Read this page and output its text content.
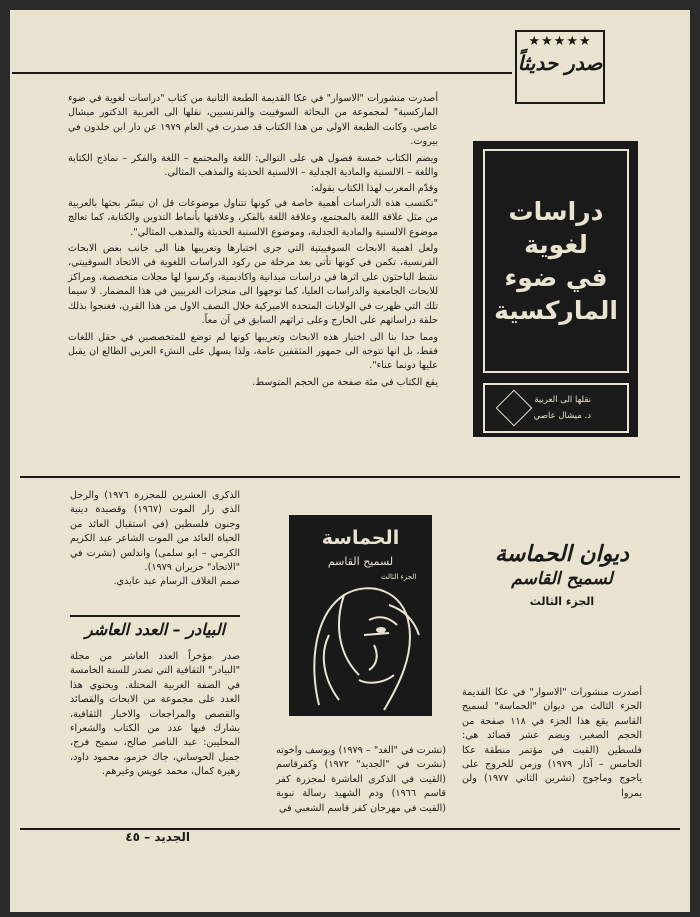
★★★★★
صدر حديثاً

أصدرت منشورات "الاسوار" في عكا القديمة الطبعة الثانية من كتاب "دراسات لغوية في ضوء الماركسية" لمجموعة من البحاثة السوفييت والفرنسيين، نقلها الى العربية الدكتور ميشال عاصي. وكانت الطبعة الاولى من هذا الكتاب قد صدرت في العام ١٩٧٩ عن دار ابن خلدون في بيروت.

ويضم الكتاب خمسة فصول هي على التوالي: اللغة والمجتمع – اللغة والفكر – نماذج الكتابة واللغة – الالسنية والمادية الجدلية – الالسنية الحديثة والمذهب المثالي.

وقدّم المعرب لهذا الكتاب بقوله:

"تكتسب هذه الدراسات أهمية خاصة في كونها تتناول موضوعات قل ان تيسّر بحثها بالعربية من مثل علاقة اللغة بالمجتمع، وعلاقة اللغة بالفكر، وعلاقتها بأنماط التدوين والكتابة، كما تعالج موضوع الالسنية والمادية الجدلية، وموضوع الالسنية الحديثة والمذهب المثالي".

ولعل اهمية الابحاث السوفييتية التي جرى اختيارها وتعريبها هنا الى جانب بعض الابحاث الفرنسية، تكمن في كونها تأتي بعد مرحلة من ركود الدراسات اللغوية في الاتحاد السوفييتي، نشط الباحثون على اثرها في دراسات ميدانية واكاديمية، وكرسوا لها مجلات متخصصة، ومراكز للابحاث الجامعية والدراسات العليا، كما توجهوا الى منجزات الغربيين في هذا المضمار. لا سيما تلك التي ظهرت في الولايات المتحدة الاميركية خلال النصف الاول من هذا القرن، فغنجوا بذلك حلقة دراساتهم على الخارج وعلى تراثهم السابق في آن معاً.

ومما حدا بنا الى اختيار هذه الابحاث وتعريبها كونها لم توضع للمتخصصين في حقل اللغات فقط، بل انها تتوجه الى جمهور المثقفين عامة، ولذا يسهل على النشء العربي الطالع ان يقبل عليها دونما عناء".

يقع الكتاب في مئة صفحة من الحجم المتوسط.

دراسات
لغوية
في ضوء
الماركسية
نقلها الى العربية
د. ميشال عاصي
ديوان الحماسة
لسميح القاسم
الجزء الثالث
أصدرت منشورات "الاسوار" في عكا القديمة الجزء الثالث من ديوان "الحماسة" لسميح القاسم يقع هذا الجزء في ١١٨ صفحة من الحجم الصغير، ويضم عشر قصائد هي: فلسطين (القيت في مؤتمر منطقة عكا الخامس – آذار ١٩٧٩) وزمن للخروج على ياجوج وماجوج (تشرين الثاني ١٩٧٧) ولن يمروا
الحماسة
لسميح القاسم
الجزء الثالث
(نشرت في "الغد" – ١٩٧٩) ويوسف واخوته (نشرت في "الجديد" ١٩٧٢) وكفرقاسم (القيت في الذكرى العاشرة لمجزرة كفر قاسم ١٩٦٦) ودم الشهيد رسالة نبوية (القيت في مهرجان كفر قاسم الشعبي في
الذكرى العشرين للمجزرة ١٩٧٦) والرجل الذي زار الموت (١٩٦٧) وقصيدة دينية وجنون فلسطين (في استقبال العائد من الحياة العائد من الموت الشاعر عبد الكريم الكرمي – ابو سلمى) واندلس (نشرت في "الاتحاد" حزيران ١٩٧٩).
صمم الغلاف الرسام عبد عابدي.
البيادر – العدد العاشر
صدر مؤخراً العدد العاشر من مجلة "البيادر" الثقافية التي تصدر للسنة الخامسة في الضفة الغربية المحتلة. ويحتوي هذا العدد على مجموعة من الابحاث والقصائد والقصص والمراجعات والاخبار الثقافية، يشارك فيها عدد من الكتاب والشعراء المحليين: عبد الناصر صالح، سميح فرج، جميل الحوساني، جاك خزمو، محمود داود، زهيرة كمال، محمد عويس وغيرهم.
الجديد – ٤٥
